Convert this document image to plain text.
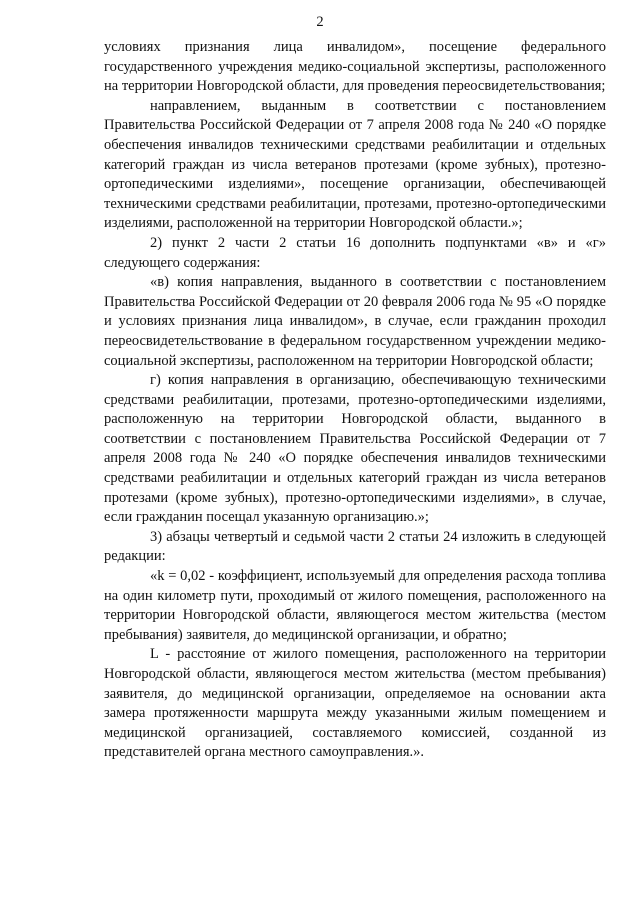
2

условиях признания лица инвалидом», посещение федерального государственного учреждения медико-социальной экспертизы, расположенного на территории Новгородской области, для проведения переосвидетельствования;

направлением, выданным в соответствии с постановлением Правительства Российской Федерации от 7 апреля 2008 года № 240 «О порядке обеспечения инвалидов техническими средствами реабилитации и отдельных категорий граждан из числа ветеранов протезами (кроме зубных), протезно-ортопедическими изделиями», посещение организации, обеспечивающей техническими средствами реабилитации, протезами, протезно-ортопедическими изделиями, расположенной на территории Новгородской области.»;

2) пункт 2 части 2 статьи 16 дополнить подпунктами «в» и «г» следующего содержания:

«в) копия направления, выданного в соответствии с постановлением Правительства Российской Федерации от 20 февраля 2006 года № 95 «О порядке и условиях признания лица инвалидом», в случае, если гражданин проходил переосвидетельствование в федеральном государственном учреждении медико-социальной экспертизы, расположенном на территории Новгородской области;

г) копия направления в организацию, обеспечивающую техническими средствами реабилитации, протезами, протезно-ортопедическими изделиями, расположенную на территории Новгородской области, выданного в соответствии с постановлением Правительства Российской Федерации от 7 апреля 2008 года № 240 «О порядке обеспечения инвалидов техническими средствами реабилитации и отдельных категорий граждан из числа ветеранов протезами (кроме зубных), протезно-ортопедическими изделиями», в случае, если гражданин посещал указанную организацию.»;

3) абзацы четвертый и седьмой части 2 статьи 24 изложить в следующей редакции:

«k = 0,02 - коэффициент, используемый для определения расхода топлива на один километр пути, проходимый от жилого помещения, расположенного на территории Новгородской области, являющегося местом жительства (местом пребывания) заявителя, до медицинской организации, и обратно;

L - расстояние от жилого помещения, расположенного на территории Новгородской области, являющегося местом жительства (местом пребывания) заявителя, до медицинской организации, определяемое на основании акта замера протяженности маршрута между указанными жилым помещением и медицинской организацией, составляемого комиссией, созданной из представителей органа местного самоуправления.».
